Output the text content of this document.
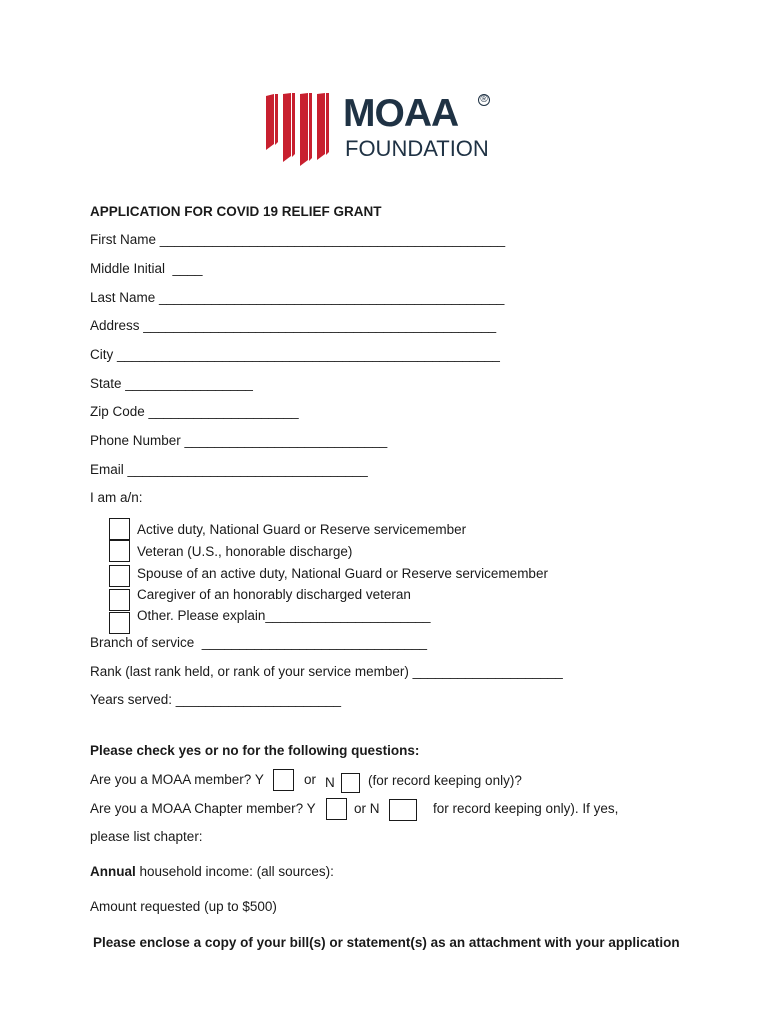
MOAA ®
FOUNDATION
APPLICATION FOR COVID 19 RELIEF GRANT
First Name ______________________________________________
Middle Initial  ____
Last Name ______________________________________________
Address _______________________________________________
City ___________________________________________________
State _________________
Zip Code ____________________
Phone Number ___________________________
Email ________________________________
I am a/n:
Active duty, National Guard or Reserve servicemember
Veteran (U.S., honorable discharge)
Spouse of an active duty, National Guard or Reserve servicemember
Caregiver of an honorably discharged veteran
Other. Please explain______________________
Branch of service  ______________________________
Rank (last rank held, or rank of your service member) ____________________
Years served: ______________________
Please check yes or no for the following questions:
Are you a MOAA member? Y	or N (for record keeping only)?
Are you a MOAA Chapter member? Y	or N	for record keeping only). If yes,
please list chapter:
Annual household income: (all sources):
Amount requested (up to $500)
Please enclose a copy of your bill(s) or statement(s) as an attachment with your application
